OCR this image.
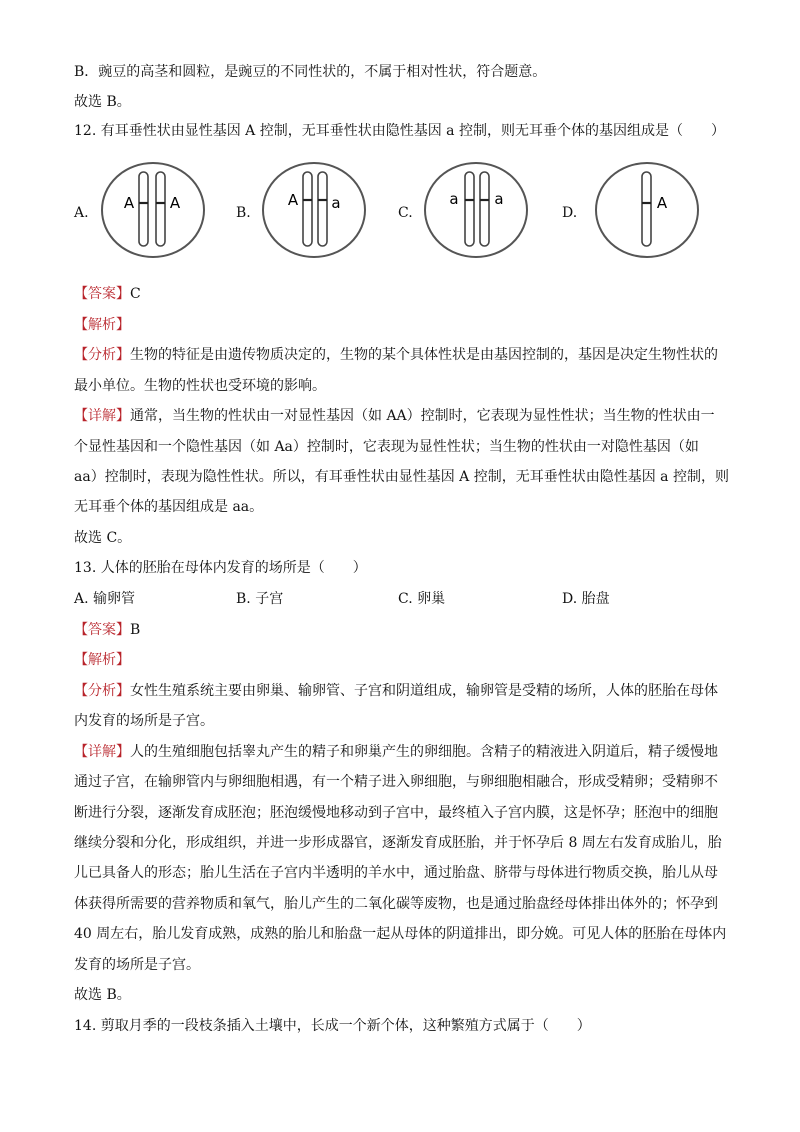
B．豌豆的高茎和圆粒，是豌豆的不同性状的，不属于相对性状，符合题意。
故选 B。
12. 有耳垂性状由显性基因 A 控制，无耳垂性状由隐性基因 a 控制，则无耳垂个体的基因组成是（　　）
A.
A A
B.
A a
C.
a a
D.
A
【答案】C
【解析】
【分析】生物的特征是由遗传物质决定的，生物的某个具体性状是由基因控制的，基因是决定生物性状的
最小单位。生物的性状也受环境的影响。
【详解】通常，当生物的性状由一对显性基因（如 AA）控制时，它表现为显性性状；当生物的性状由一
个显性基因和一个隐性基因（如 Aa）控制时，它表现为显性性状；当生物的性状由一对隐性基因（如
aa）控制时，表现为隐性性状。所以，有耳垂性状由显性基因 A 控制，无耳垂性状由隐性基因 a 控制，则
无耳垂个体的基因组成是 aa。
故选 C。
13. 人体的胚胎在母体内发育的场所是（　　）
A. 输卵管	B. 子宫	C. 卵巢	D. 胎盘
【答案】B
【解析】
【分析】女性生殖系统主要由卵巢、输卵管、子宫和阴道组成，输卵管是受精的场所，人体的胚胎在母体
内发育的场所是子宫。
【详解】人的生殖细胞包括睾丸产生的精子和卵巢产生的卵细胞。含精子的精液进入阴道后，精子缓慢地
通过子宫，在输卵管内与卵细胞相遇，有一个精子进入卵细胞，与卵细胞相融合，形成受精卵；受精卵不
断进行分裂，逐渐发育成胚泡；胚泡缓慢地移动到子宫中，最终植入子宫内膜，这是怀孕；胚泡中的细胞
继续分裂和分化，形成组织，并进一步形成器官，逐渐发育成胚胎，并于怀孕后 8 周左右发育成胎儿，胎
儿已具备人的形态；胎儿生活在子宫内半透明的羊水中，通过胎盘、脐带与母体进行物质交换，胎儿从母
体获得所需要的营养物质和氧气，胎儿产生的二氧化碳等废物，也是通过胎盘经母体排出体外的；怀孕到
40 周左右，胎儿发育成熟，成熟的胎儿和胎盘一起从母体的阴道排出，即分娩。可见人体的胚胎在母体内
发育的场所是子宫。
故选 B。
14. 剪取月季的一段枝条插入土壤中，长成一个新个体，这种繁殖方式属于（　　）
